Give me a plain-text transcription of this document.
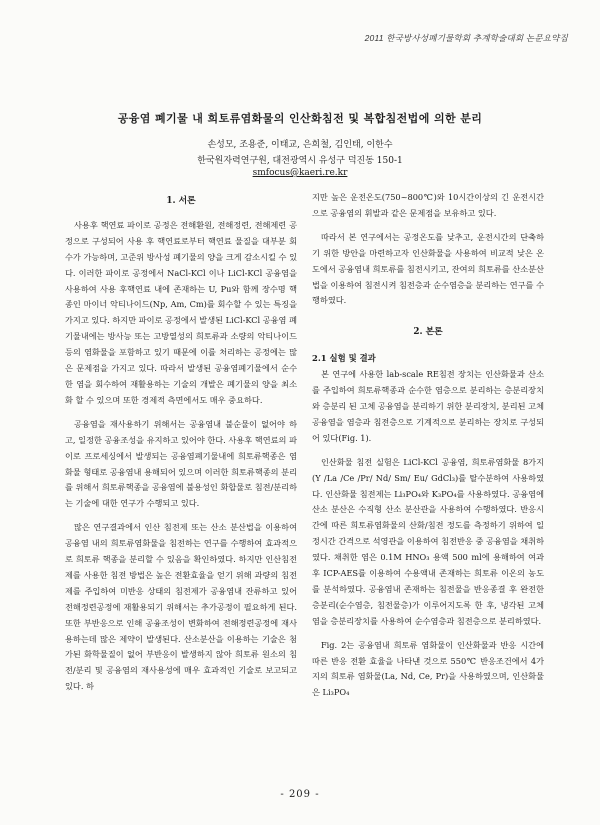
2011 한국방사성폐기물학회 추계학술대회 논문요약집
공융염 폐기물 내 희토류염화물의 인산화침전 및 복합침전법에 의한 분리
손성모, 조용준, 이태교, 은희철, 김인태, 이한수
한국원자력연구원, 대전광역시 유성구 덕진동 150-1
smfocus@kaeri.re.kr
1. 서론

사용후 핵연료 파이로 공정은 전해환원, 전해정련, 전해제련 공정으로 구성되어 사용 후 핵연료로부터 핵연료 물질을 대부분 회수가 가능하며, 고준위 방사성 폐기물의 양을 크게 감소시킬 수 있다. 이러한 파이로 공정에서 NaCl-KCl 이나 LiCl-KCl 공융염을 사용하여 사용 후핵연료 내에 존재하는 U, Pu와 함께 장수명 핵종인 마이너 악티나이드(Np, Am, Cm)를 회수할 수 있는 특징을 가지고 있다. 하지만 파이로 공정에서 발생된 LiCl-KCl 공융염 폐기물내에는 방사능 또는 고방열성의 희토류과 소량의 악티나이드등의 염화물을 포함하고 있기 때문에 이를 처리하는 공정에는 많은 문제점을 가지고 있다. 따라서 발생된 공융염폐기물에서 순수한 염을 회수하여 재활용하는 기술의 개발은 폐기물의 양을 최소화 할 수 있으며 또한 경제적 측면에서도 매우 중요하다.

공융염을 재사용하기 위해서는 공융염내 불순물이 없어야 하고, 일정한 공융조성을 유지하고 있어야 한다. 사용후 핵연료의 파이로 프로세싱에서 발생되는 공융염폐기물내에 희토류핵종은 염화물 형태로 공융염내 용해되어 있으며 이러한 희토류핵종의 분리를 위해서 희토류핵종을 공융염에 불용성인 화합물로 침전/분리하는 기술에 대한 연구가 수행되고 있다.

많은 연구결과에서 인산 침전제 또는 산소 분산법을 이용하여 공융염 내의 희토류염화물을 침전하는 연구를 수행하여 효과적으로 희토류 핵종을 분리할 수 있음을 확인하였다. 하지만 인산침전제를 사용한 침전 방법은 높은 전환효율을 얻기 위해 과량의 침전제를 주입하여 미반응 상태의 침전제가 공융염내 잔류하고 있어 전해정련공정에 재활용되기 위해서는 추가공정이 필요하게 된다. 또한 부반응으로 인해 공융조성이 변화하여 전해정련공정에 재사용하는데 많은 제약이 발생된다. 산소분산을 이용하는 기술은 첨가된 화학물질이 없어 부반응이 발생하지 않아 희토류 원소의 침전/분리 및 공융염의 재사용성에 매우 효과적인 기술로 보고되고 있다. 하

지만 높은 운전온도(750~800℃)와 10시간이상의 긴 운전시간으로 공융염의 휘발과 같은 문제점을 보유하고 있다.

따라서 본 연구에서는 공정온도를 낮추고, 운전시간의 단축하기 위한 방안을 마련하고자 인산화물을 사용하여 비교적 낮은 온도에서 공융염내 희토류를 침전시키고, 잔여의 희토류를 산소분산법을 이용하여 침전시켜 침전층과 순수염층을 분리하는 연구를 수행하였다.

2. 본론
2.1 실험 및 결과

본 연구에 사용한 lab-scale RE침전 장치는 인산화물과 산소를 주입하여 희토류핵종과 순수한 염층으로 분리하는 층분리장치와 층분리 된 고체 공융염을 분리하기 위한 분리장치, 분리된 고체공융염을 염층과 침전층으로 기계적으로 분리하는 장치로 구성되어 있다(Fig. 1).

인산화물 침전 실험은 LiCl-KCl 공융염, 희토류염화물 8가지(Y /La /Ce /Pr/ Nd/ Sm/ Eu/ GdCl₃)를 탈수분하여 사용하였다. 인산화물 침전제는 Li₃PO₄와 K₃PO₄를 사용하였다. 공융염에 산소 분산은 수직형 산소 분산관을 사용하여 수행하였다. 반응시간에 따른 희토류염화물의 산화/침전 정도를 측정하기 위하여 일정시간 간격으로 석영관을 이용하여 침전반응 중 공융염을 채취하였다. 채취한 염은 0.1M HNO₃ 용액 500 ml에 용해하여 여과 후 ICP-AES를 이용하여 수용액내 존재하는 희토류 이온의 농도를 분석하였다. 공융염내 존재하는 침전물을 반응종결 후 완전한 층분리(순수염층, 침전물층)가 이루어지도록 한 후, 냉각된 고체염을 층분리장치를 사용하여 순수염층과 침전층으로 분리하였다.

Fig. 2는 공융염내 희토류 염화물이 인산화물과 반응 시간에 따른 반응 전환 효율을 나타낸 것으로 550℃ 반응조건에서 4가지의 희토류 염화물(La, Nd, Ce, Pr)을 사용하였으며, 인산화물은 Li₃PO₄

- 209 -
